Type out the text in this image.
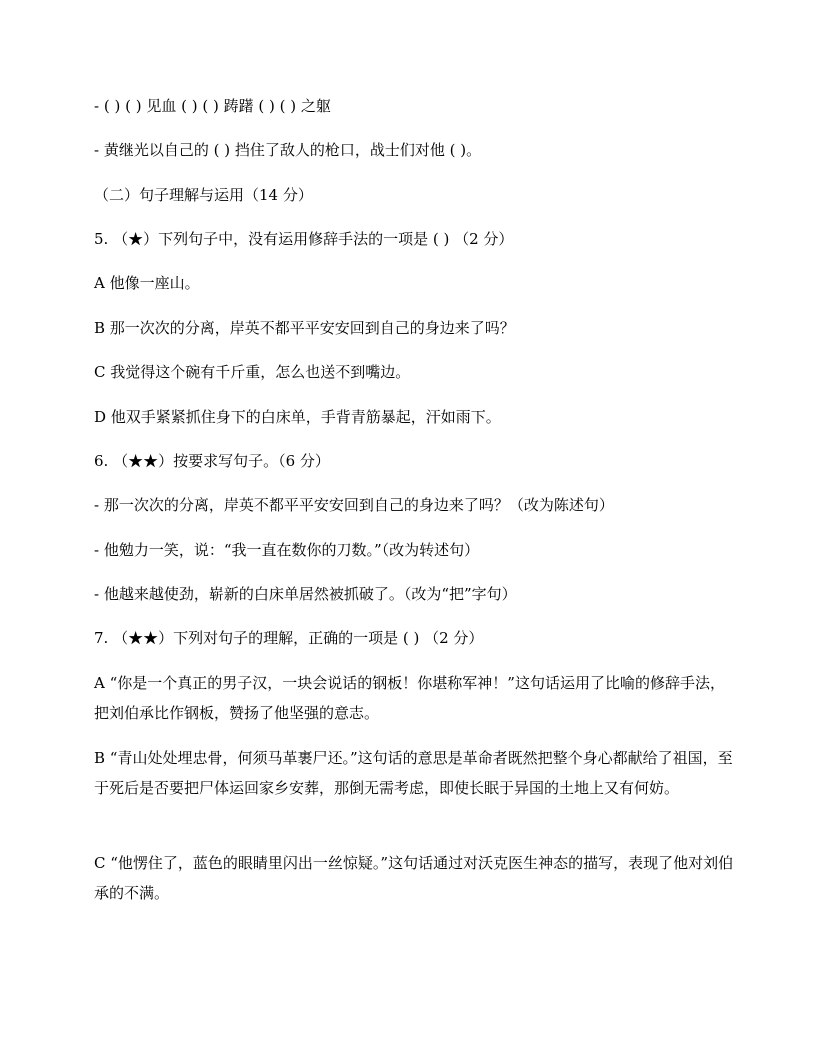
- ( ) ( ) 见血 ( ) ( ) 踌躇 ( ) ( ) 之躯
- 黄继光以自己的 ( ) 挡住了敌人的枪口，战士们对他 ( )。
（二）句子理解与运用（14 分）
5. （★）下列句子中，没有运用修辞手法的一项是 ( ) （2 分）
A 他像一座山。
B 那一次次的分离，岸英不都平平安安回到自己的身边来了吗？
C 我觉得这个碗有千斤重，怎么也送不到嘴边。
D 他双手紧紧抓住身下的白床单，手背青筋暴起，汗如雨下。
6. （★★）按要求写句子。（6 分）
- 那一次次的分离，岸英不都平平安安回到自己的身边来了吗？（改为陈述句）
- 他勉力一笑，说：“我一直在数你的刀数。”（改为转述句）
- 他越来越使劲，崭新的白床单居然被抓破了。（改为“把”字句）
7. （★★）下列对句子的理解，正确的一项是 ( ) （2 分）
A “你是一个真正的男子汉，一块会说话的钢板！你堪称军神！”这句话运用了比喻的修辞手法，把刘伯承比作钢板，赞扬了他坚强的意志。
B “青山处处埋忠骨，何须马革裹尸还。”这句话的意思是革命者既然把整个身心都献给了祖国，至于死后是否要把尸体运回家乡安葬，那倒无需考虑，即使长眠于异国的土地上又有何妨。
C “他愣住了，蓝色的眼睛里闪出一丝惊疑。”这句话通过对沃克医生神态的描写，表现了他对刘伯承的不满。
